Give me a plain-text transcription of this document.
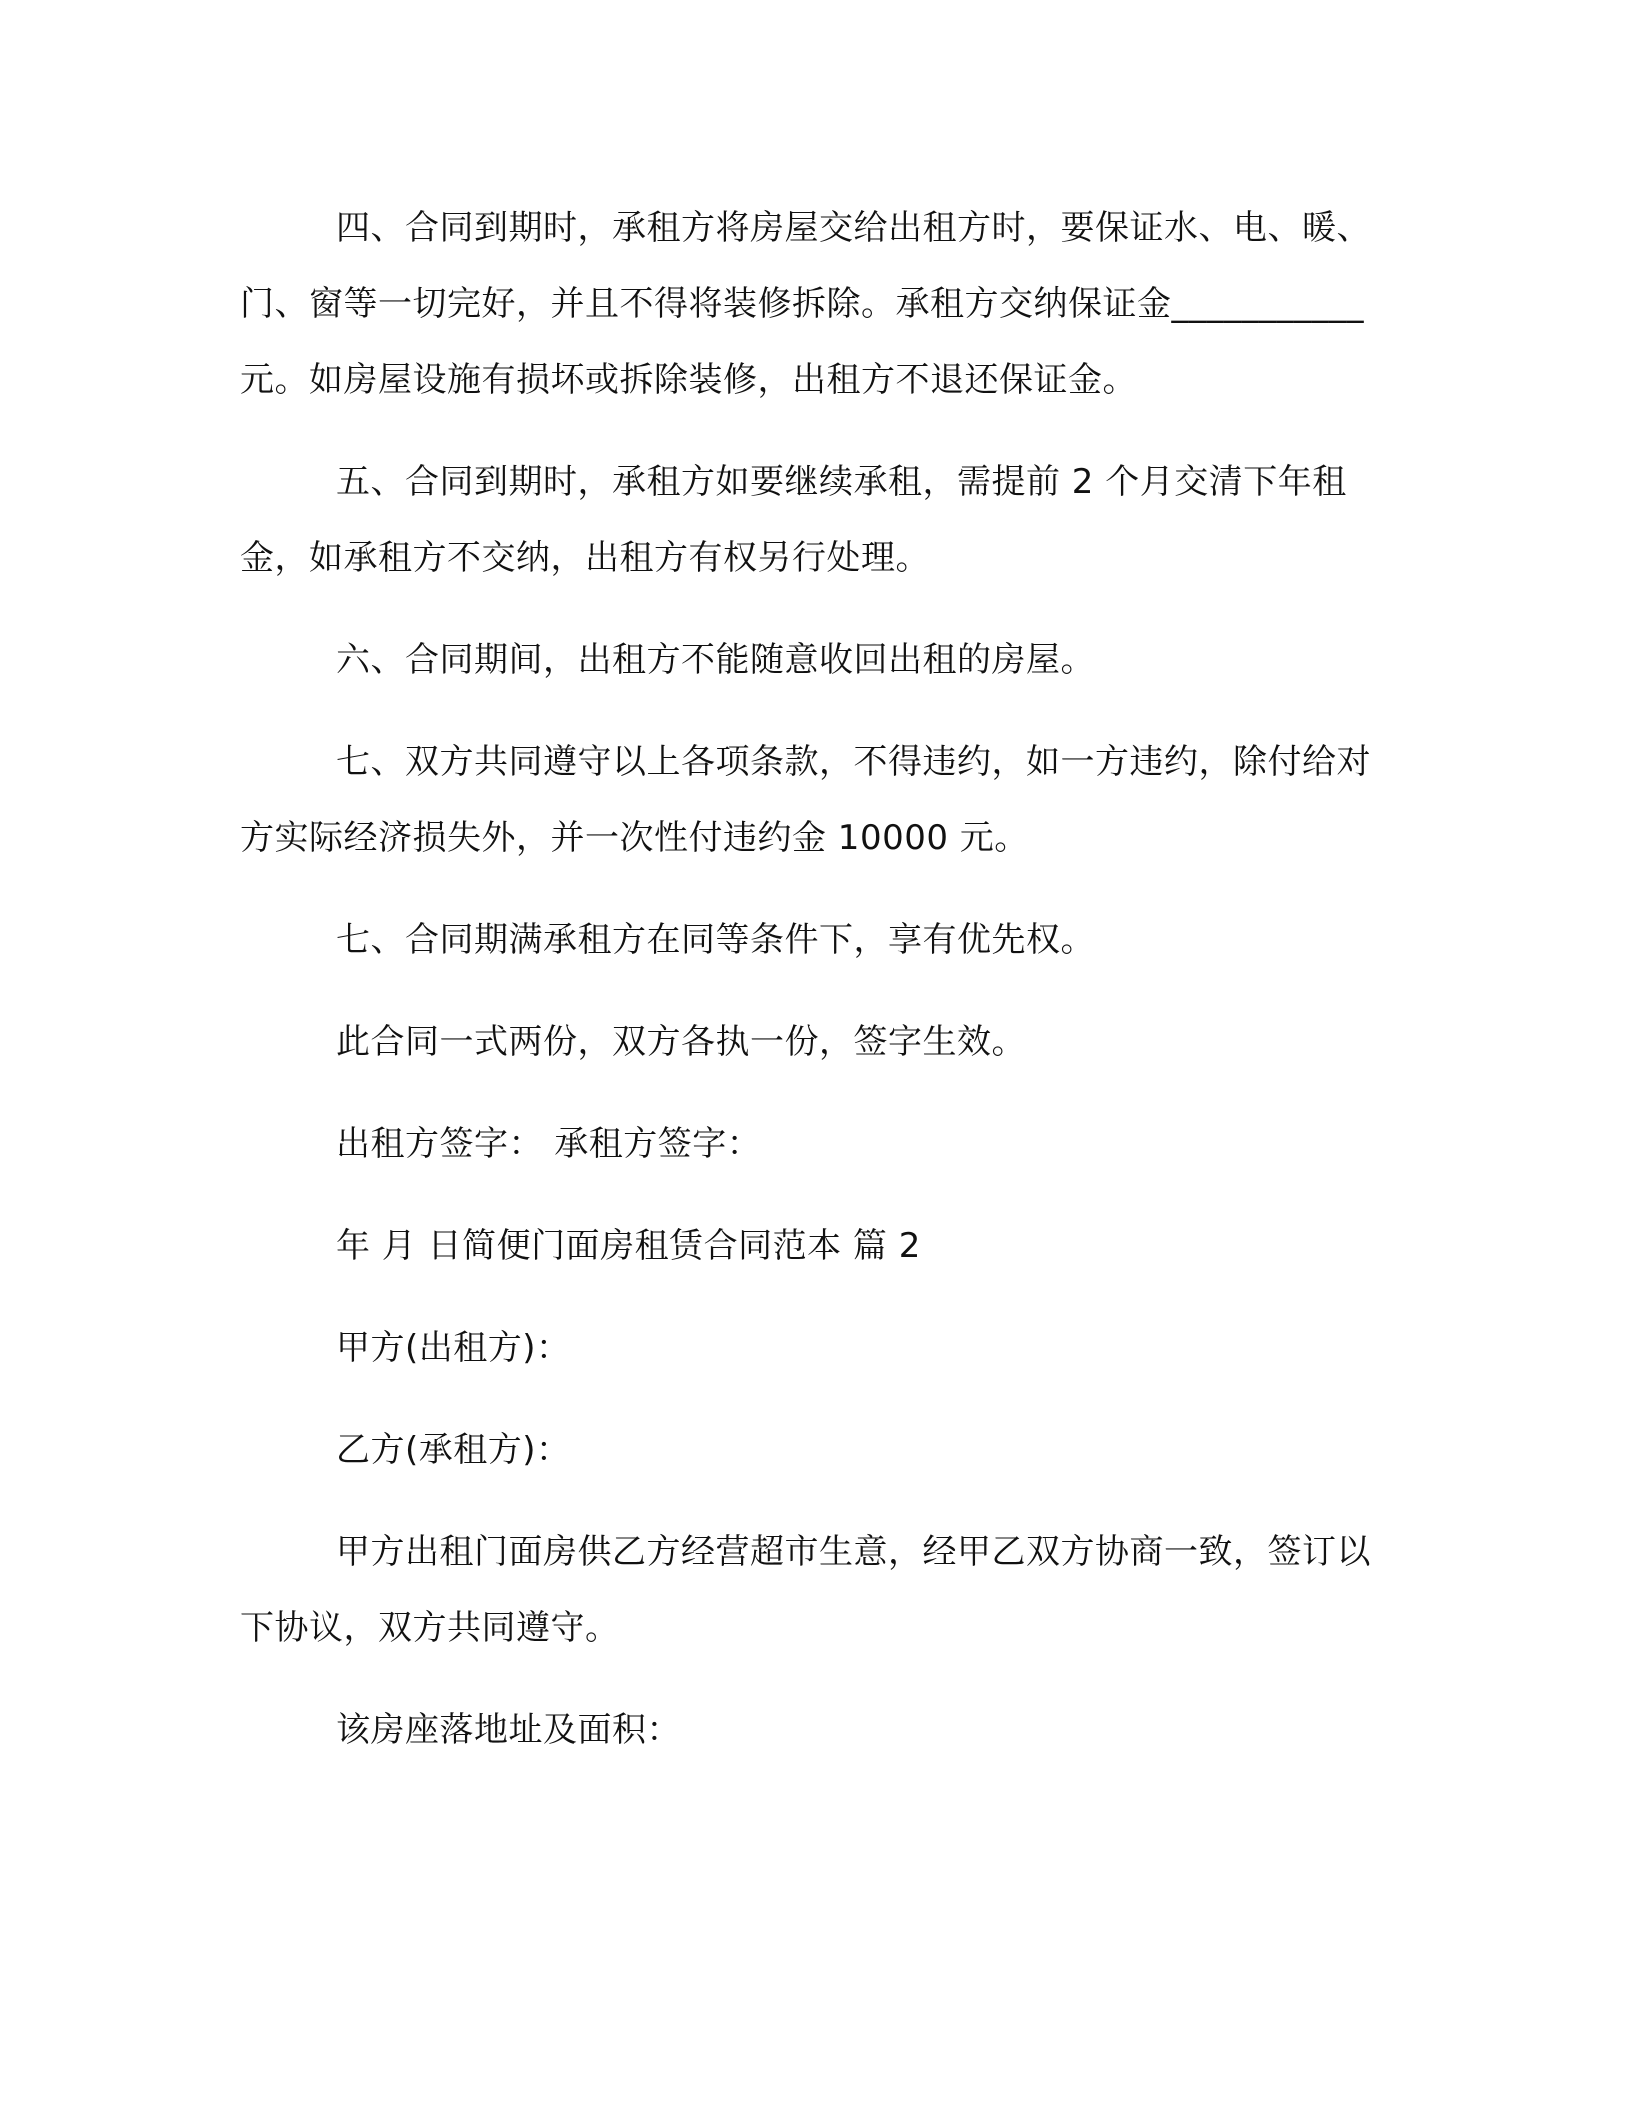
四、合同到期时，承租方将房屋交给出租方时，要保证水、电、暖、门、窗等一切完好，并且不得将装修拆除。承租方交纳保证金___________元。如房屋设施有损坏或拆除装修，出租方不退还保证金。

五、合同到期时，承租方如要继续承租，需提前 2 个月交清下年租金，如承租方不交纳，出租方有权另行处理。

六、合同期间，出租方不能随意收回出租的房屋。

七、双方共同遵守以上各项条款，不得违约，如一方违约，除付给对方实际经济损失外，并一次性付违约金 10000 元。

七、合同期满承租方在同等条件下，享有优先权。

此合同一式两份，双方各执一份，签字生效。

出租方签字： 承租方签字：

年 月 日简便门面房租赁合同范本 篇 2

甲方(出租方)：

乙方(承租方)：

甲方出租门面房供乙方经营超市生意，经甲乙双方协商一致，签订以下协议，双方共同遵守。

该房座落地址及面积：
